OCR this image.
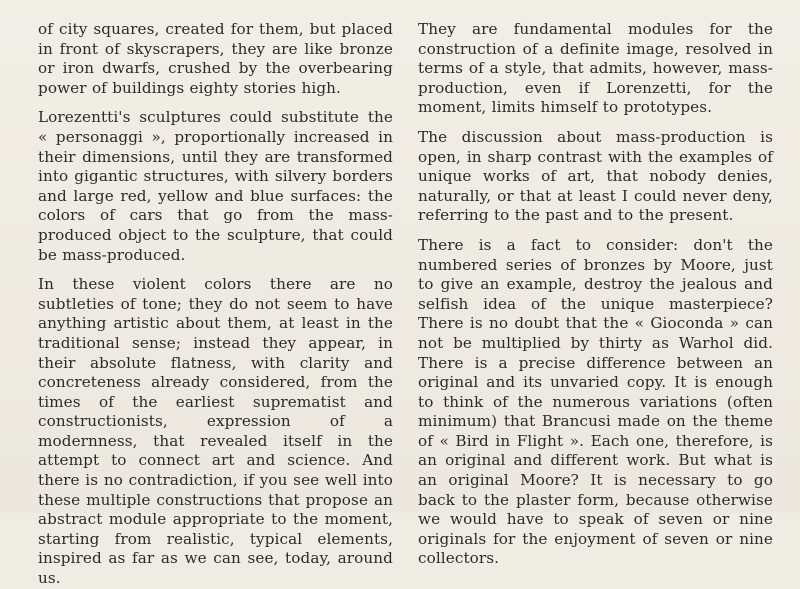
of city squares, created for them, but placed in front of skyscrapers, they are like bronze or iron dwarfs, crushed by the overbearing power of buildings eighty stories high.

Lorezentti's sculptures could substitute the « personaggi », proportionally increased in their dimensions, until they are transformed into gigantic structures, with silvery borders and large red, yellow and blue surfaces: the colors of cars that go from the mass-produced object to the sculpture, that could be mass-produced.

In these violent colors there are no subtleties of tone; they do not seem to have anything artistic about them, at least in the traditional sense; instead they appear, in their absolute flatness, with clarity and concreteness already considered, from the times of the earliest suprematist and constructionists, expression of a modernness, that revealed itself in the attempt to connect art and science. And there is no contradiction, if you see well into these multiple constructions that propose an abstract module appropriate to the moment, starting from realistic, typical elements, inspired as far as we can see, today, around us.

They are fundamental modules for the construction of a definite image, resolved in terms of a style, that admits, however, mass-production, even if Lorenzetti, for the moment, limits himself to prototypes.

The discussion about mass-production is open, in sharp contrast with the examples of unique works of art, that nobody denies, naturally, or that at least I could never deny, referring to the past and to the present.

There is a fact to consider: don't the numbered series of bronzes by Moore, just to give an example, destroy the jealous and selfish idea of the unique masterpiece? There is no doubt that the « Gioconda » can not be multiplied by thirty as Warhol did. There is a precise difference between an original and its unvaried copy. It is enough to think of the numerous variations (often minimum) that Brancusi made on the theme of « Bird in Flight ». Each one, therefore, is an original and different work. But what is an original Moore? It is necessary to go back to the plaster form, because otherwise we would have to speak of seven or nine originals for the enjoyment of seven or nine collectors.
